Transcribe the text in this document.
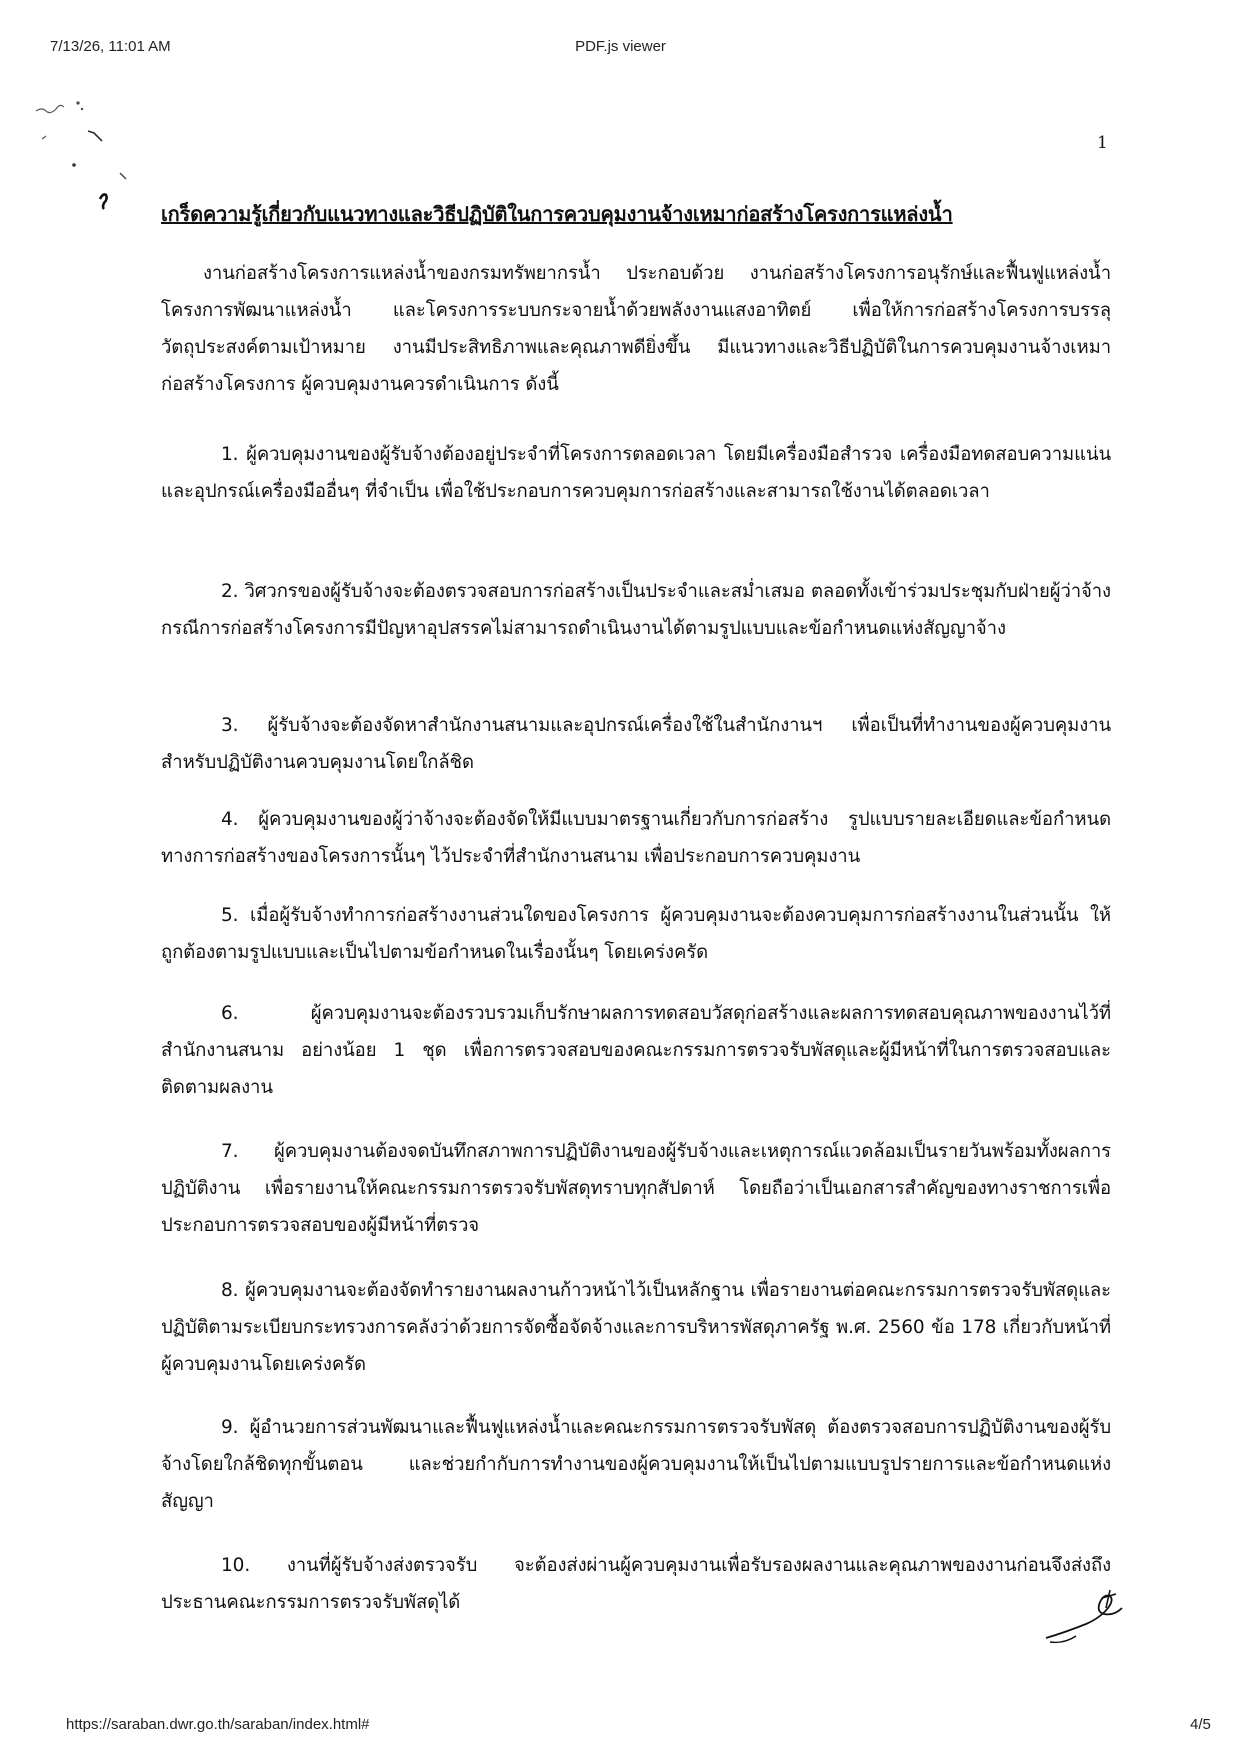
7/13/26, 11:01 AM	PDF.js viewer
1
เกร็ดความรู้เกี่ยวกับแนวทางและวิธีปฏิบัติในการควบคุมงานจ้างเหมาก่อสร้างโครงการแหล่งน้ำ

งานก่อสร้างโครงการแหล่งน้ำของกรมทรัพยากรน้ำ ประกอบด้วย งานก่อสร้างโครงการอนุรักษ์และฟื้นฟูแหล่งน้ำ โครงการพัฒนาแหล่งน้ำ และโครงการระบบกระจายน้ำด้วยพลังงานแสงอาทิตย์ เพื่อให้การก่อสร้างโครงการบรรลุวัตถุประสงค์ตามเป้าหมาย งานมีประสิทธิภาพและคุณภาพดียิ่งขึ้น มีแนวทางและวิธีปฏิบัติในการควบคุมงานจ้างเหมาก่อสร้างโครงการ ผู้ควบคุมงานควรดำเนินการ ดังนี้

1. ผู้ควบคุมงานของผู้รับจ้างต้องอยู่ประจำที่โครงการตลอดเวลา โดยมีเครื่องมือสำรวจ เครื่องมือทดสอบความแน่น และอุปกรณ์เครื่องมืออื่นๆ ที่จำเป็น เพื่อใช้ประกอบการควบคุมการก่อสร้างและสามารถใช้งานได้ตลอดเวลา

2. วิศวกรของผู้รับจ้างจะต้องตรวจสอบการก่อสร้างเป็นประจำและสม่ำเสมอ ตลอดทั้งเข้าร่วมประชุมกับฝ่ายผู้ว่าจ้าง กรณีการก่อสร้างโครงการมีปัญหาอุปสรรคไม่สามารถดำเนินงานได้ตามรูปแบบและข้อกำหนดแห่งสัญญาจ้าง

3. ผู้รับจ้างจะต้องจัดหาสำนักงานสนามและอุปกรณ์เครื่องใช้ในสำนักงานฯ เพื่อเป็นที่ทำงานของผู้ควบคุมงาน สำหรับปฏิบัติงานควบคุมงานโดยใกล้ชิด

4. ผู้ควบคุมงานของผู้ว่าจ้างจะต้องจัดให้มีแบบมาตรฐานเกี่ยวกับการก่อสร้าง รูปแบบรายละเอียดและข้อกำหนดทางการก่อสร้างของโครงการนั้นๆ ไว้ประจำที่สำนักงานสนาม เพื่อประกอบการควบคุมงาน

5. เมื่อผู้รับจ้างทำการก่อสร้างงานส่วนใดของโครงการ ผู้ควบคุมงานจะต้องควบคุมการก่อสร้างงานในส่วนนั้น ให้ถูกต้องตามรูปแบบและเป็นไปตามข้อกำหนดในเรื่องนั้นๆ โดยเคร่งครัด

6. ผู้ควบคุมงานจะต้องรวบรวมเก็บรักษาผลการทดสอบวัสดุก่อสร้างและผลการทดสอบคุณภาพของงานไว้ที่สำนักงานสนาม อย่างน้อย 1 ชุด เพื่อการตรวจสอบของคณะกรรมการตรวจรับพัสดุและผู้มีหน้าที่ในการตรวจสอบและติดตามผลงาน

7. ผู้ควบคุมงานต้องจดบันทึกสภาพการปฏิบัติงานของผู้รับจ้างและเหตุการณ์แวดล้อมเป็นรายวันพร้อมทั้งผลการปฏิบัติงาน เพื่อรายงานให้คณะกรรมการตรวจรับพัสดุทราบทุกสัปดาห์ โดยถือว่าเป็นเอกสารสำคัญของทางราชการเพื่อประกอบการตรวจสอบของผู้มีหน้าที่ตรวจ

8. ผู้ควบคุมงานจะต้องจัดทำรายงานผลงานก้าวหน้าไว้เป็นหลักฐาน เพื่อรายงานต่อคณะกรรมการตรวจรับพัสดุและปฏิบัติตามระเบียบกระทรวงการคลังว่าด้วยการจัดซื้อจัดจ้างและการบริหารพัสดุภาครัฐ พ.ศ. 2560 ข้อ 178 เกี่ยวกับหน้าที่ผู้ควบคุมงานโดยเคร่งครัด

9. ผู้อำนวยการส่วนพัฒนาและฟื้นฟูแหล่งน้ำและคณะกรรมการตรวจรับพัสดุ ต้องตรวจสอบการปฏิบัติงานของผู้รับจ้างโดยใกล้ชิดทุกขั้นตอน และช่วยกำกับการทำงานของผู้ควบคุมงานให้เป็นไปตามแบบรูปรายการและข้อกำหนดแห่งสัญญา

10. งานที่ผู้รับจ้างส่งตรวจรับ จะต้องส่งผ่านผู้ควบคุมงานเพื่อรับรองผลงานและคุณภาพของงานก่อนจึงส่งถึงประธานคณะกรรมการตรวจรับพัสดุได้

https://saraban.dwr.go.th/saraban/index.html#	4/5
